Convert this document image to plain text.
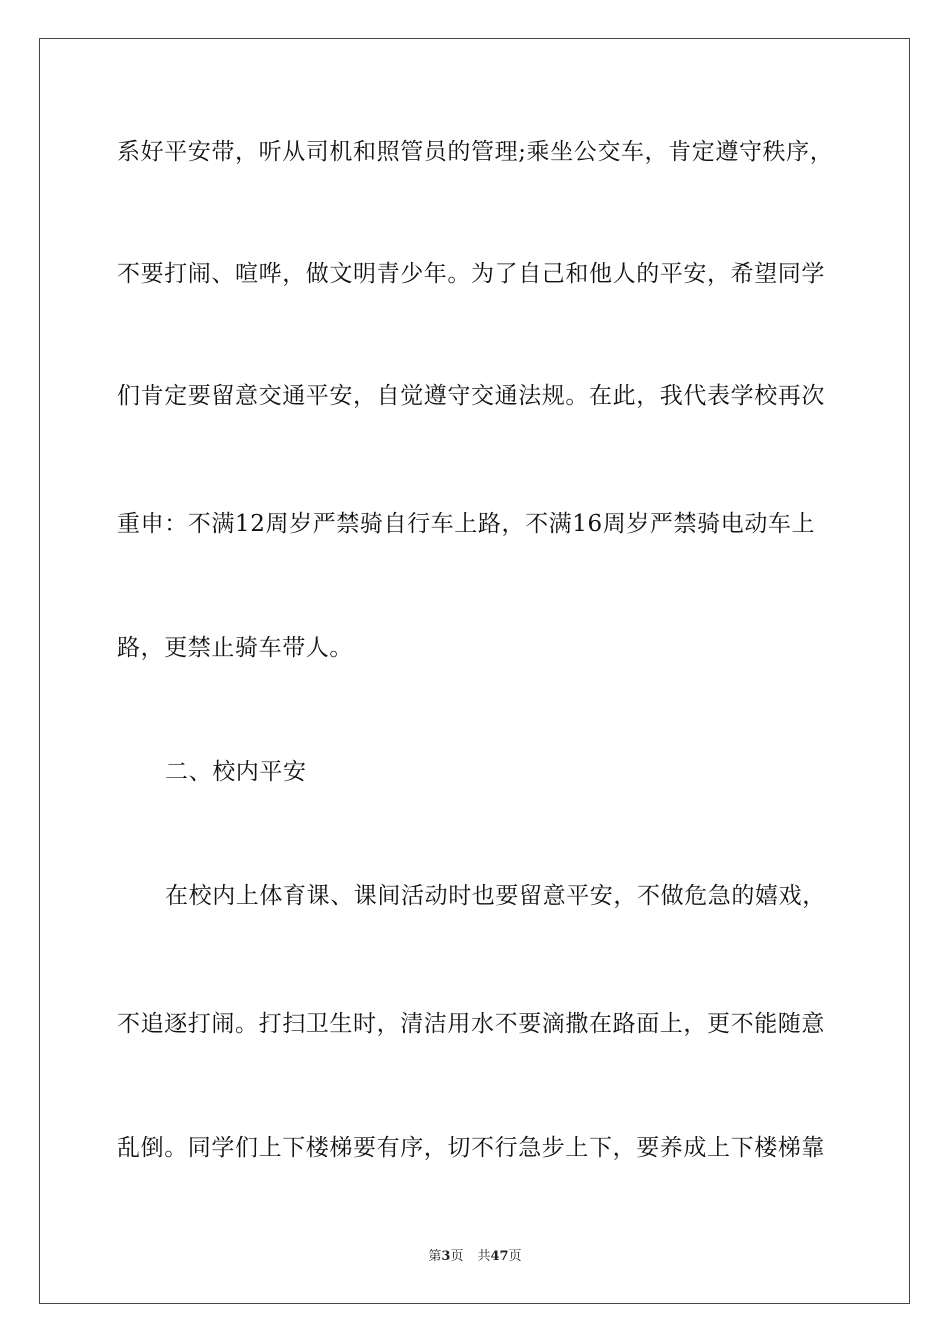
系好平安带，听从司机和照管员的管理;乘坐公交车，肯定遵守秩序，
不要打闹、喧哗，做文明青少年。为了自己和他人的平安，希望同学
们肯定要留意交通平安，自觉遵守交通法规。在此，我代表学校再次
重申：不满12周岁严禁骑自行车上路，不满16周岁严禁骑电动车上
路，更禁止骑车带人。
二、校内平安
在校内上体育课、课间活动时也要留意平安，不做危急的嬉戏，
不追逐打闹。打扫卫生时，清洁用水不要滴撒在路面上，更不能随意
乱倒。同学们上下楼梯要有序，切不行急步上下，要养成上下楼梯靠
第3页 共47页
